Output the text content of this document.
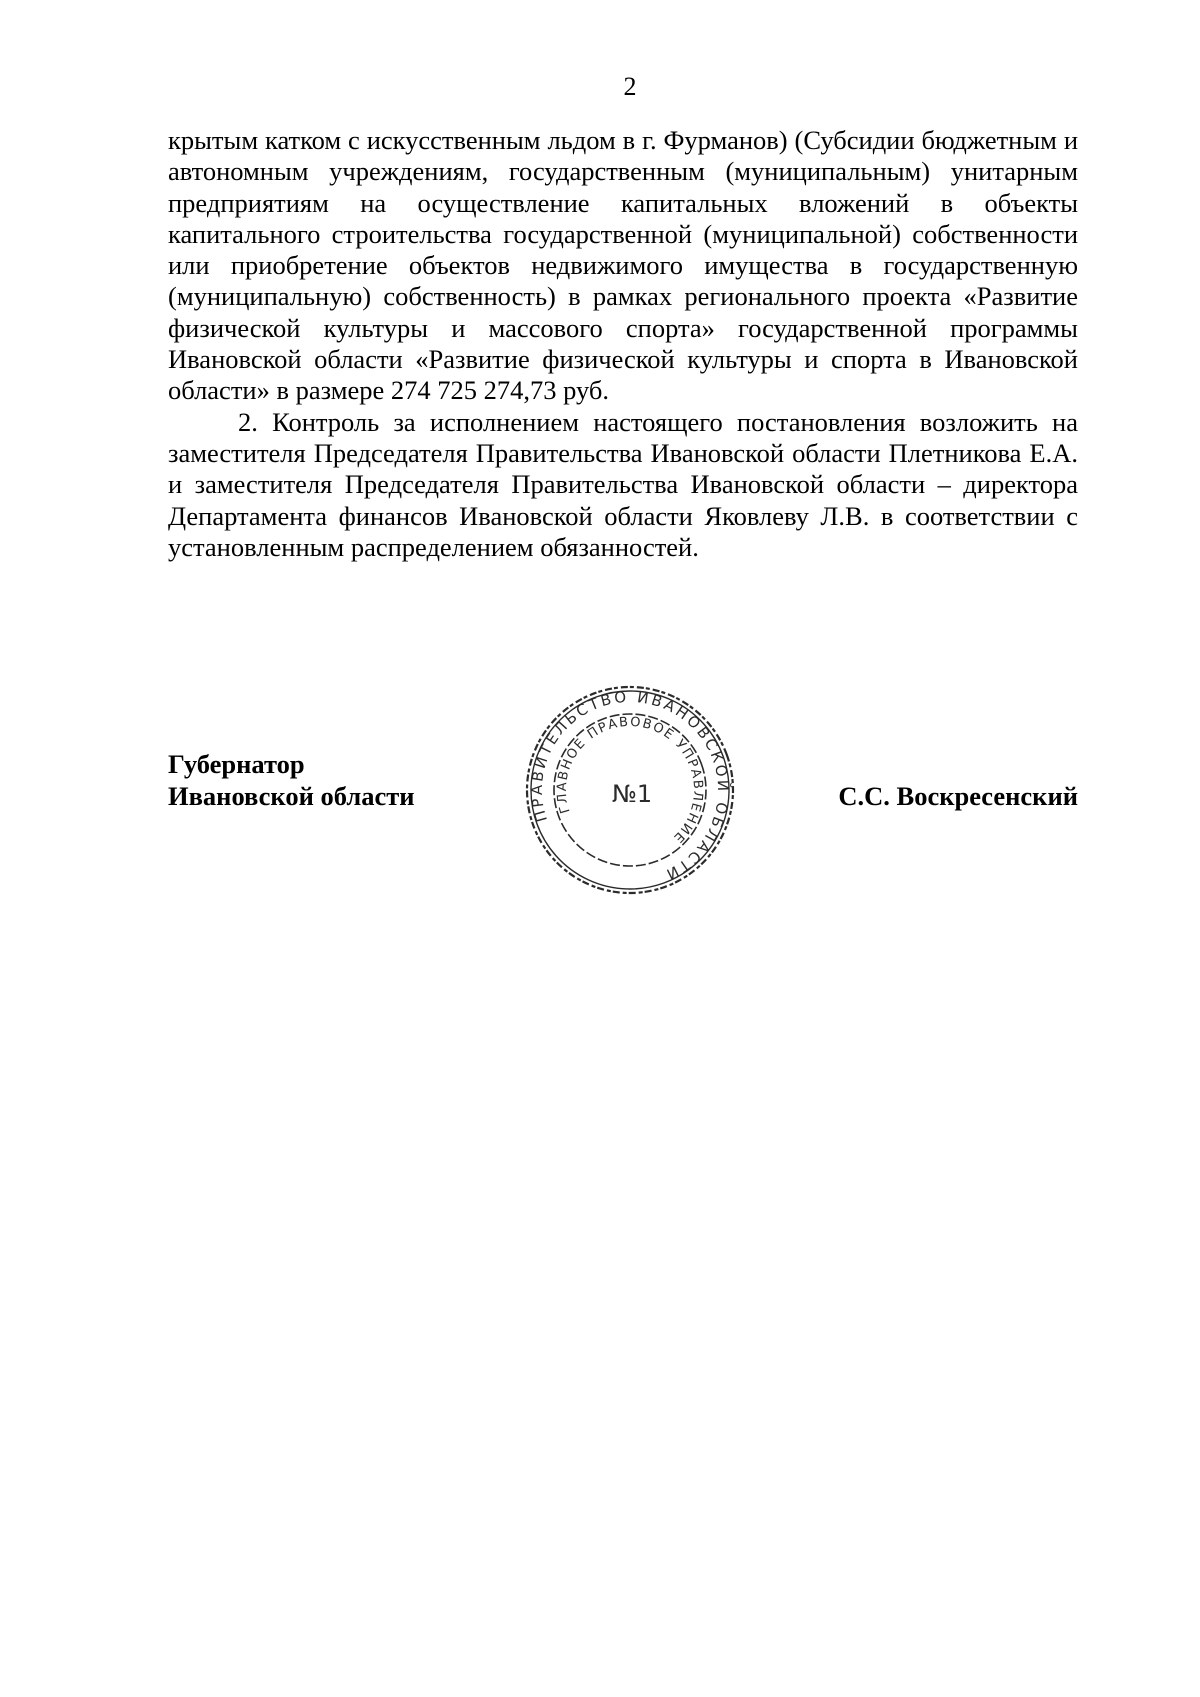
2

крытым катком с искусственным льдом в г. Фурманов) (Субсидии бюджетным и автономным учреждениям, государственным (муниципальным) унитарным предприятиям на осуществление капитальных вложений в объекты капитального строительства государственной (муниципальной) собственности или приобретение объектов недвижимого имущества в государственную (муниципальную) собственность) в рамках регионального проекта «Развитие физической культуры и массового спорта» государственной программы Ивановской области «Развитие физической культуры и спорта в Ивановской области» в размере 274 725 274,73 руб.

2. Контроль за исполнением настоящего постановления возложить на заместителя Председателя Правительства Ивановской области Плетникова Е.А. и заместителя Председателя Правительства Ивановской области – директора Департамента финансов Ивановской области Яковлеву Л.В. в соответствии с установленным распределением обязанностей.

Губернатор
Ивановской области
ПРАВИТЕЛЬСТВО ИВАНОВСКОЙ ОБЛАСТИ
ГЛАВНОЕ ПРАВОВОЕ УПРАВЛЕНИЕ
№1	С.С. Воскресенский
